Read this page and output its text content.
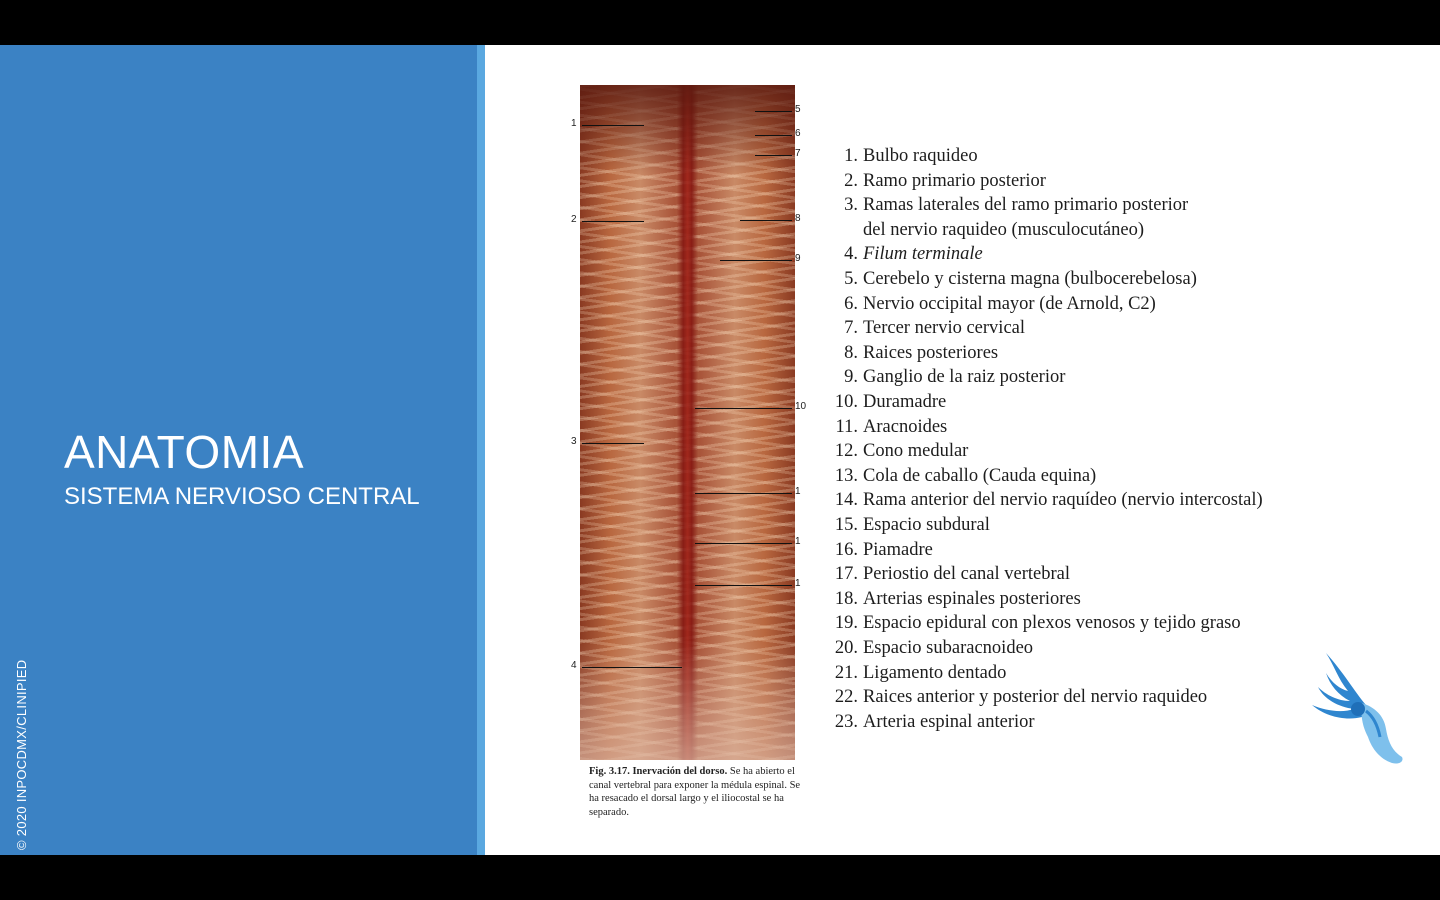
ANATOMIA
SISTEMA NERVIOSO CENTRAL
© 2020 INPOCDMX/CLINIPIED
1
2
3
4
5
6
7
8
9
10
1
1
1
Fig. 3.17. Inervación del dorso. Se ha abierto el canal vertebral para exponer la médula espinal. Se ha resacado el dorsal largo y el iliocostal se ha separado.
1. Bulbo raquideo
2. Ramo primario posterior
3. Ramas laterales del ramo primario posterior
del nervio raquideo (musculocutáneo)
4. Filum terminale
5. Cerebelo y cisterna magna (bulbocerebelosa)
6. Nervio occipital mayor (de Arnold, C2)
7. Tercer nervio cervical
8. Raices posteriores
9. Ganglio de la raiz posterior
10. Duramadre
11. Aracnoides
12. Cono medular
13. Cola de caballo (Cauda equina)
14. Rama anterior del nervio raquídeo (nervio intercostal)
15. Espacio subdural
16. Piamadre
17. Periostio del canal vertebral
18. Arterias espinales posteriores
19. Espacio epidural con plexos venosos y tejido graso
20. Espacio subaracnoideo
21. Ligamento dentado
22. Raices anterior y posterior del nervio raquideo
23. Arteria espinal anterior
